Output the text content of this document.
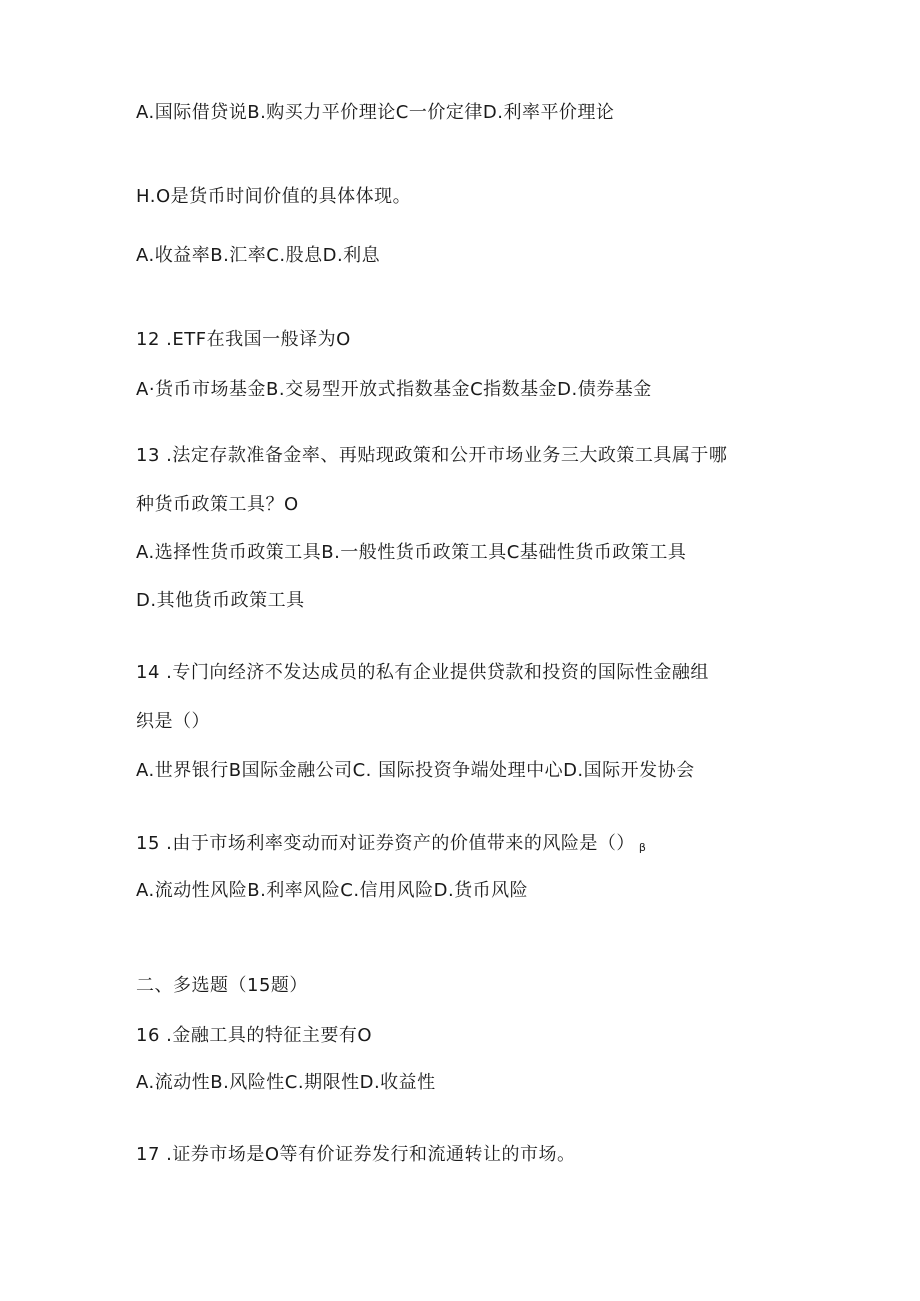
A.国际借贷说B.购买力平价理论C一价定律D.利率平价理论
H.O是货币时间价值的具体体现。
A.收益率B.汇率C.股息D.利息
12 .ETF在我国一般译为O
A·货币市场基金B.交易型开放式指数基金C指数基金D.债券基金
13 .法定存款准备金率、再贴现政策和公开市场业务三大政策工具属于哪
种货币政策工具？O
A.选择性货币政策工具B.一般性货币政策工具C基础性货币政策工具
D.其他货币政策工具
14 .专门向经济不发达成员的私有企业提供贷款和投资的国际性金融组
织是（）
A.世界银行B国际金融公司C. 国际投资争端处理中心D.国际开发协会
15 .由于市场利率变动而对证券资产的价值带来的风险是（） β
A.流动性风险B.利率风险C.信用风险D.货币风险
二、多选题（15题）
16 .金融工具的特征主要有O
A.流动性B.风险性C.期限性D.收益性
17 .证券市场是O等有价证券发行和流通转让的市场。
